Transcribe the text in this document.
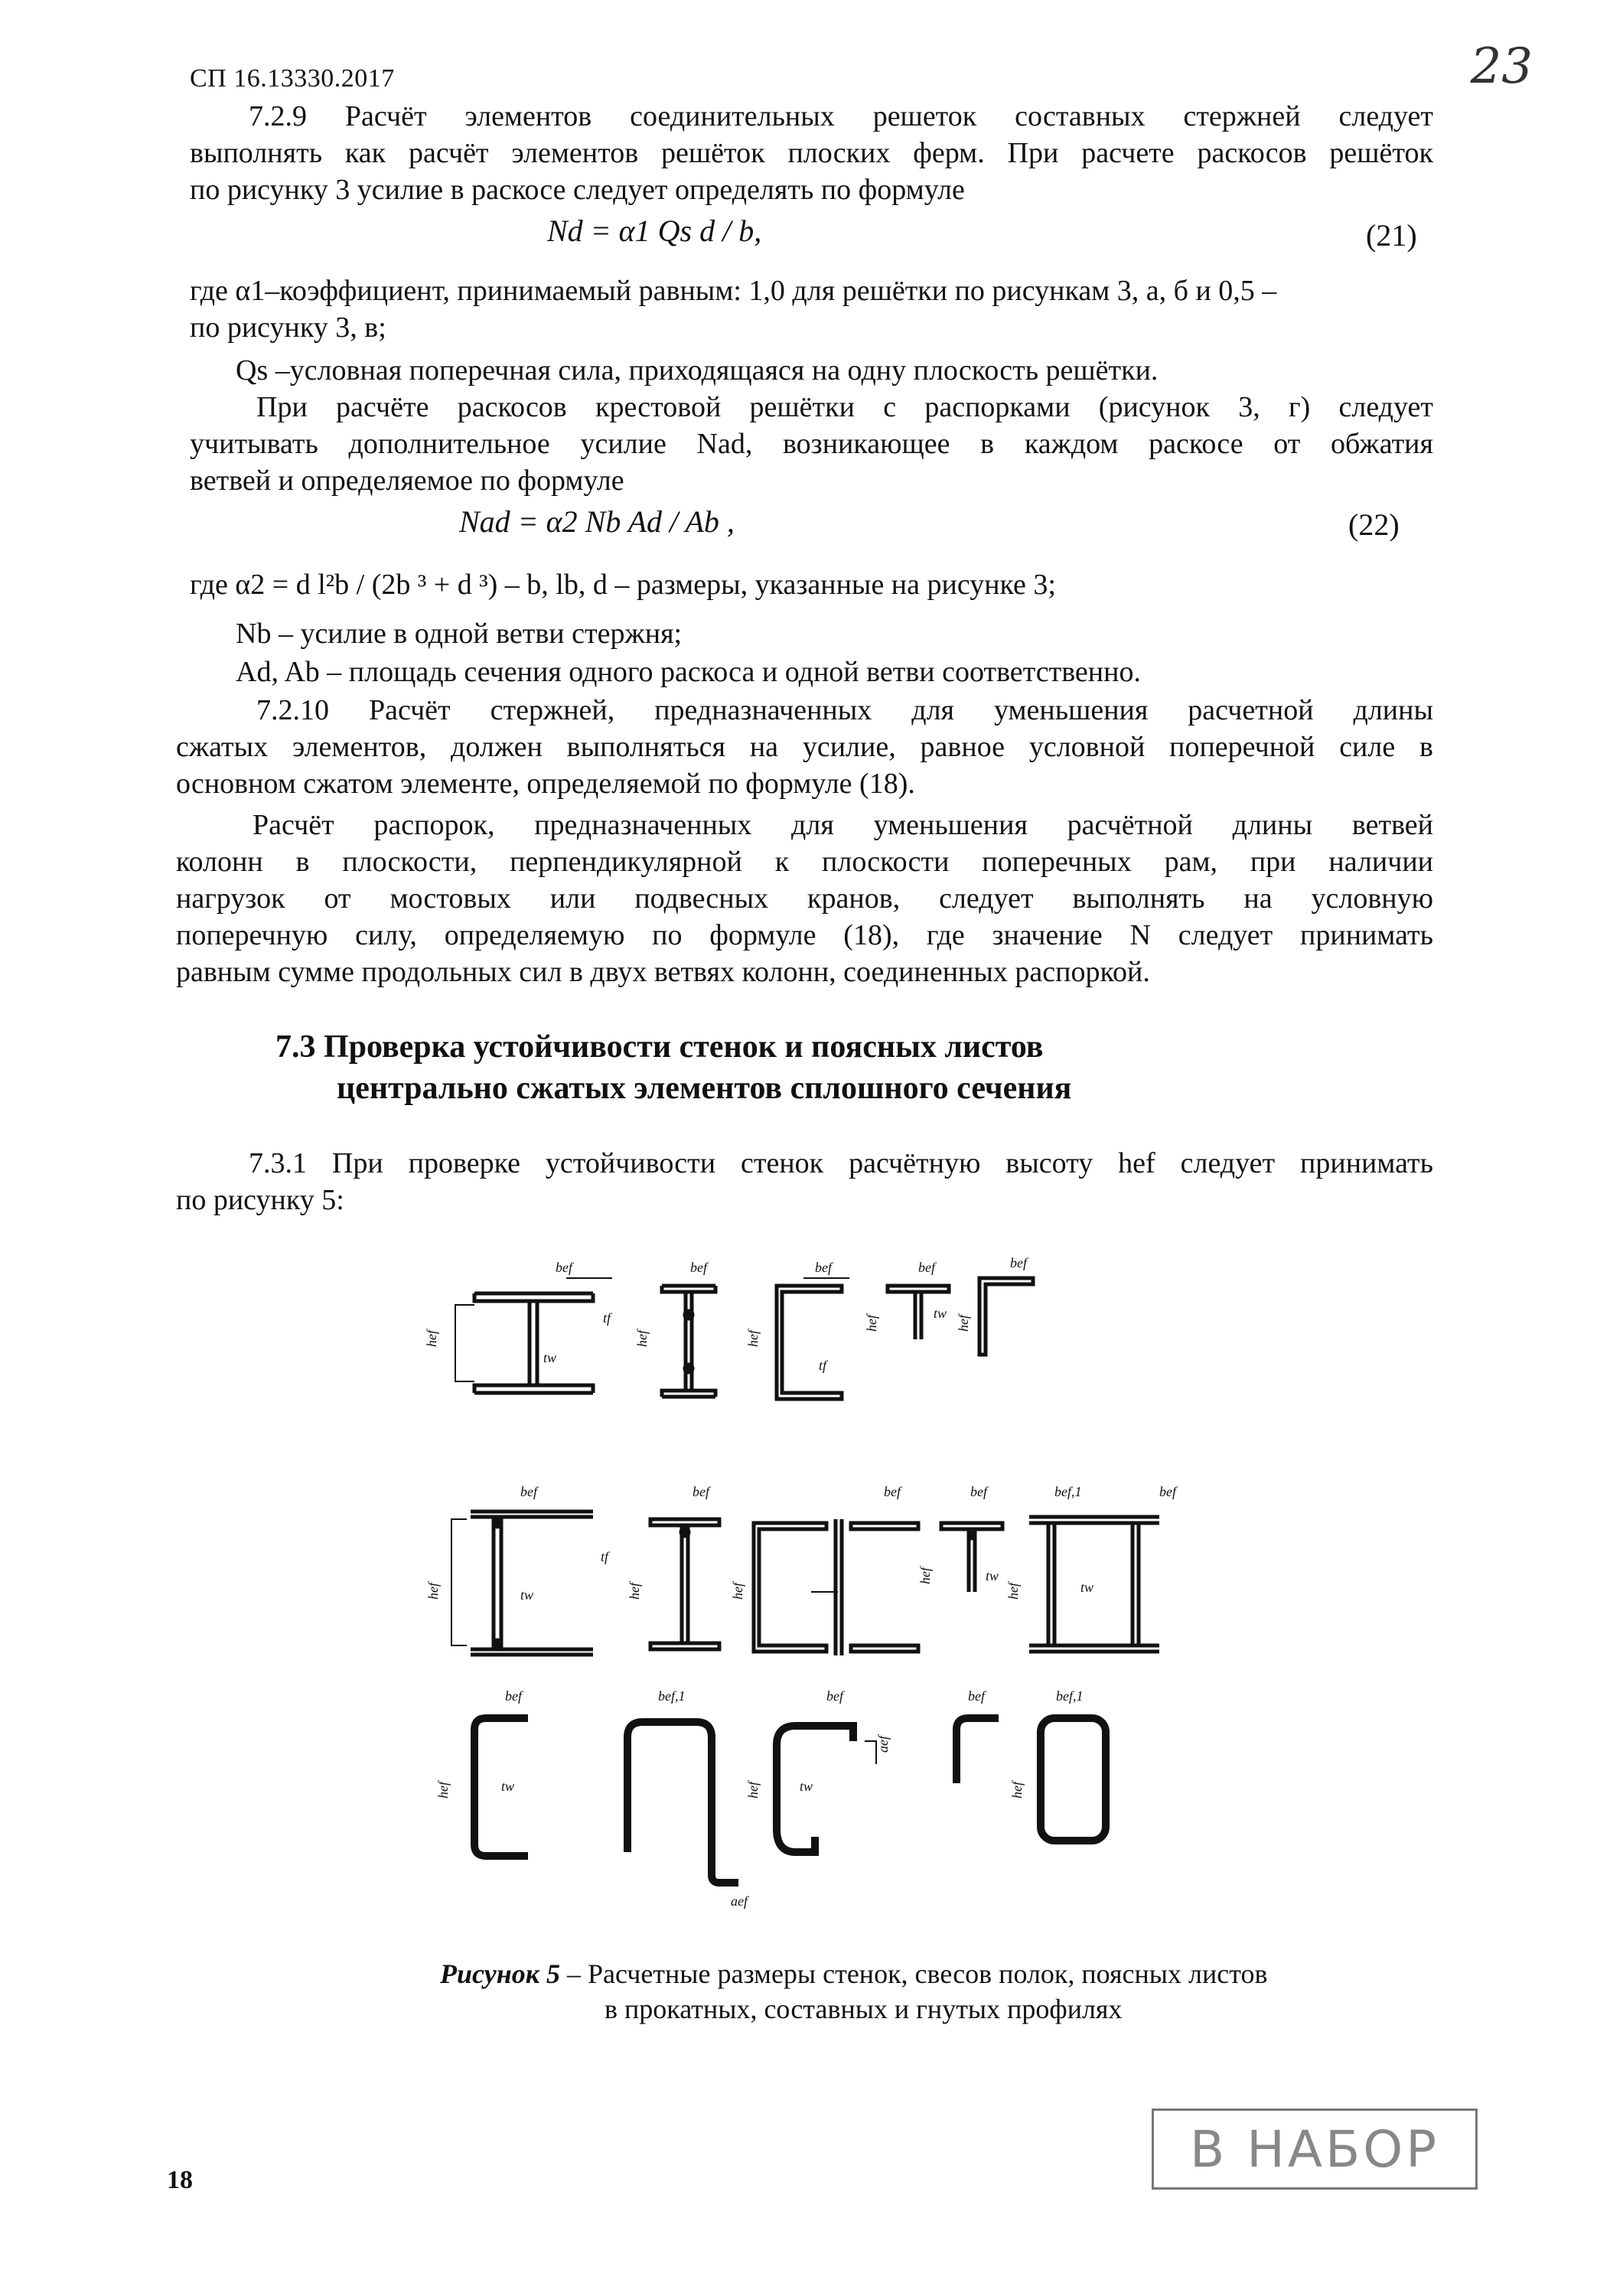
СП 16.13330.2017	23
7.2.9 Расчёт элементов соединительных решеток составных стержней следует
выполнять как расчёт элементов решёток плоских ферм. При расчете раскосов решёток
по рисунку 3 усилие в раскосе следует определять по формуле
Nd = α1 Qs d / b,	(21)
где α1–коэффициент, принимаемый равным: 1,0 для решётки по рисункам 3, а, б и 0,5 –
по рисунку 3, в;
Qs –условная поперечная сила, приходящаяся на одну плоскость решётки.
При расчёте раскосов крестовой решётки с распорками (рисунок 3, г) следует
учитывать дополнительное усилие Nad, возникающее в каждом раскосе от обжатия
ветвей и определяемое по формуле
Nad = α2 Nb Ad / Ab ,	(22)
где α2 = d l²b / (2b ³ + d ³) – b, lb, d – размеры, указанные на рисунке 3;
Nb – усилие в одной ветви стержня;
Ad, Ab – площадь сечения одного раскоса и одной ветви соответственно.
7.2.10 Расчёт стержней, предназначенных для уменьшения расчетной длины
сжатых элементов, должен выполняться на усилие, равное условной поперечной силе в
основном сжатом элементе, определяемой по формуле (18).
Расчёт распорок, предназначенных для уменьшения расчётной длины ветвей
колонн в плоскости, перпендикулярной к плоскости поперечных рам, при наличии
нагрузок от мостовых или подвесных кранов, следует выполнять на условную
поперечную силу, определяемую по формуле (18), где значение N следует принимать
равным сумме продольных сил в двух ветвях колонн, соединенных распоркой.
7.3 Проверка устойчивости стенок и поясных листов
центрально сжатых элементов сплошного сечения
7.3.1 При проверке устойчивости стенок расчётную высоту hef следует принимать
по рисунку 5:
bef
hef
tw
tf
bef
hef
bef
hef
tf
bef
hef
tw
bef
hef
bef
hef	tw
tf
bef
hef
bef
hef
bef
hef	tw
bef,1	bef
hef	tw
bef
hef	tw
bef,1
aef
bef
hef	tw
aef
bef	bef,1
hef
Рисунок 5 – Расчетные размеры стенок, свесов полок, поясных листов
в прокатных, составных и гнутых профилях
18
В НАБОР
